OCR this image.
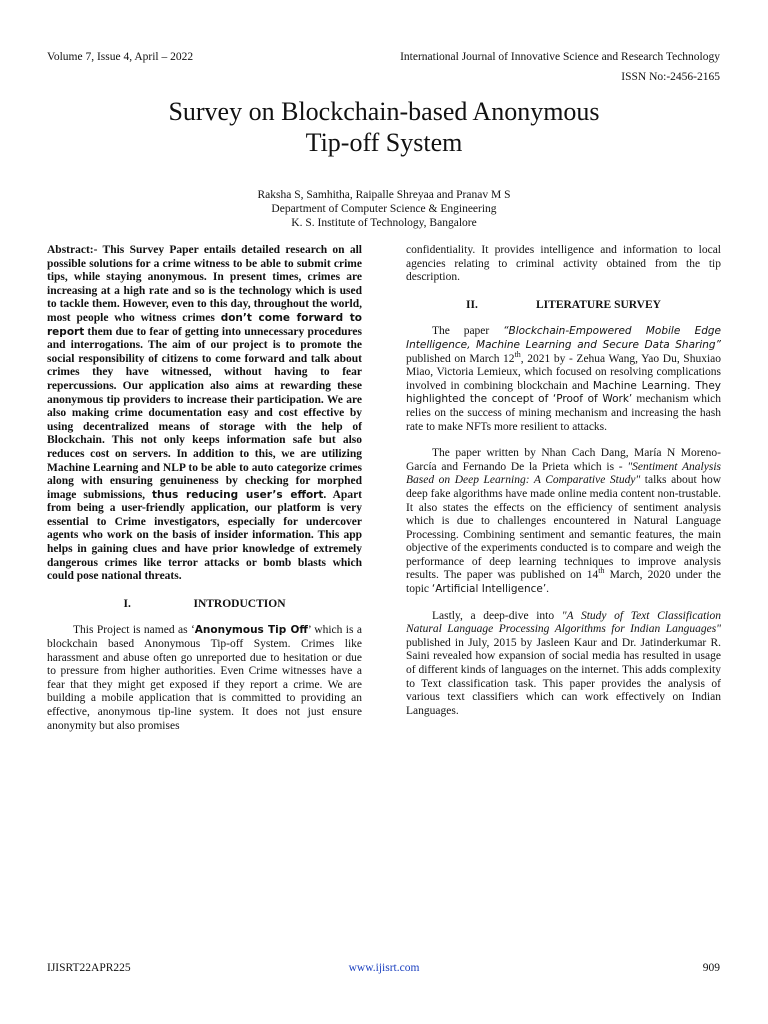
Volume 7, Issue 4, April – 2022	International Journal of Innovative Science and Research Technology
ISSN No:-2456-2165
Survey on Blockchain-based Anonymous
Tip-off System
Raksha S, Samhitha, Raipalle Shreyaa and Pranav M S
Department of Computer Science & Engineering
K. S. Institute of Technology, Bangalore

Abstract:- This Survey Paper entails detailed research on all possible solutions for a crime witness to be able to submit crime tips, while staying anonymous. In present times, crimes are increasing at a high rate and so is the technology which is used to tackle them. However, even to this day, throughout the world, most people who witness crimes don’t come forward to report them due to fear of getting into unnecessary procedures and interrogations. The aim of our project is to promote the social responsibility of citizens to come forward and talk about crimes they have witnessed, without having to fear repercussions. Our application also aims at rewarding these anonymous tip providers to increase their participation. We are also making crime documentation easy and cost effective by using decentralized means of storage with the help of Blockchain. This not only keeps information safe but also reduces cost on servers. In addition to this, we are utilizing Machine Learning and NLP to be able to auto categorize crimes along with ensuring genuineness by checking for morphed image submissions, thus reducing user’s effort. Apart from being a user-friendly application, our platform is very essential to Crime investigators, especially for undercover agents who work on the basis of insider information. This app helps in gaining clues and have prior knowledge of extremely dangerous crimes like terror attacks or bomb blasts which could pose national threats.

I.	INTRODUCTION

This Project is named as ‘Anonymous Tip Off’ which is a blockchain based Anonymous Tip-off System. Crimes like harassment and abuse often go unreported due to hesitation or due to pressure from higher authorities. Even Crime witnesses have a fear that they might get exposed if they report a crime. We are building a mobile application that is committed to providing an effective, anonymous tip-line system. It does not just ensure anonymity but also promises

confidentiality. It provides intelligence and information to local agencies relating to criminal activity obtained from the tip description.

II.	LITERATURE SURVEY

The paper “Blockchain-Empowered Mobile Edge Intelligence, Machine Learning and Secure Data Sharing” published on March 12th, 2021 by - Zehua Wang, Yao Du, Shuxiao Miao, Victoria Lemieux, which focused on resolving complications involved in combining blockchain and Machine Learning. They highlighted the concept of ‘Proof of Work’ mechanism which relies on the success of mining mechanism and increasing the hash rate to make NFTs more resilient to attacks.

The paper written by Nhan Cach Dang, María N Moreno-García and Fernando De la Prieta which is - "Sentiment Analysis Based on Deep Learning: A Comparative Study" talks about how deep fake algorithms have made online media content non-trustable. It also states the effects on the efficiency of sentiment analysis which is due to challenges encountered in Natural Language Processing. Combining sentiment and semantic features, the main objective of the experiments conducted is to compare and weigh the performance of deep learning techniques to improve analysis results. The paper was published on 14th March, 2020 under the topic ‘Artificial Intelligence’.

Lastly, a deep-dive into "A Study of Text Classification Natural Language Processing Algorithms for Indian Languages" published in July, 2015 by Jasleen Kaur and Dr. Jatinderkumar R. Saini revealed how expansion of social media has resulted in usage of different kinds of languages on the internet. This adds complexity to Text classification task. This paper provides the analysis of various text classifiers which can work effectively on Indian Languages.

IJISRT22APR225	www.ijisrt.com	909
